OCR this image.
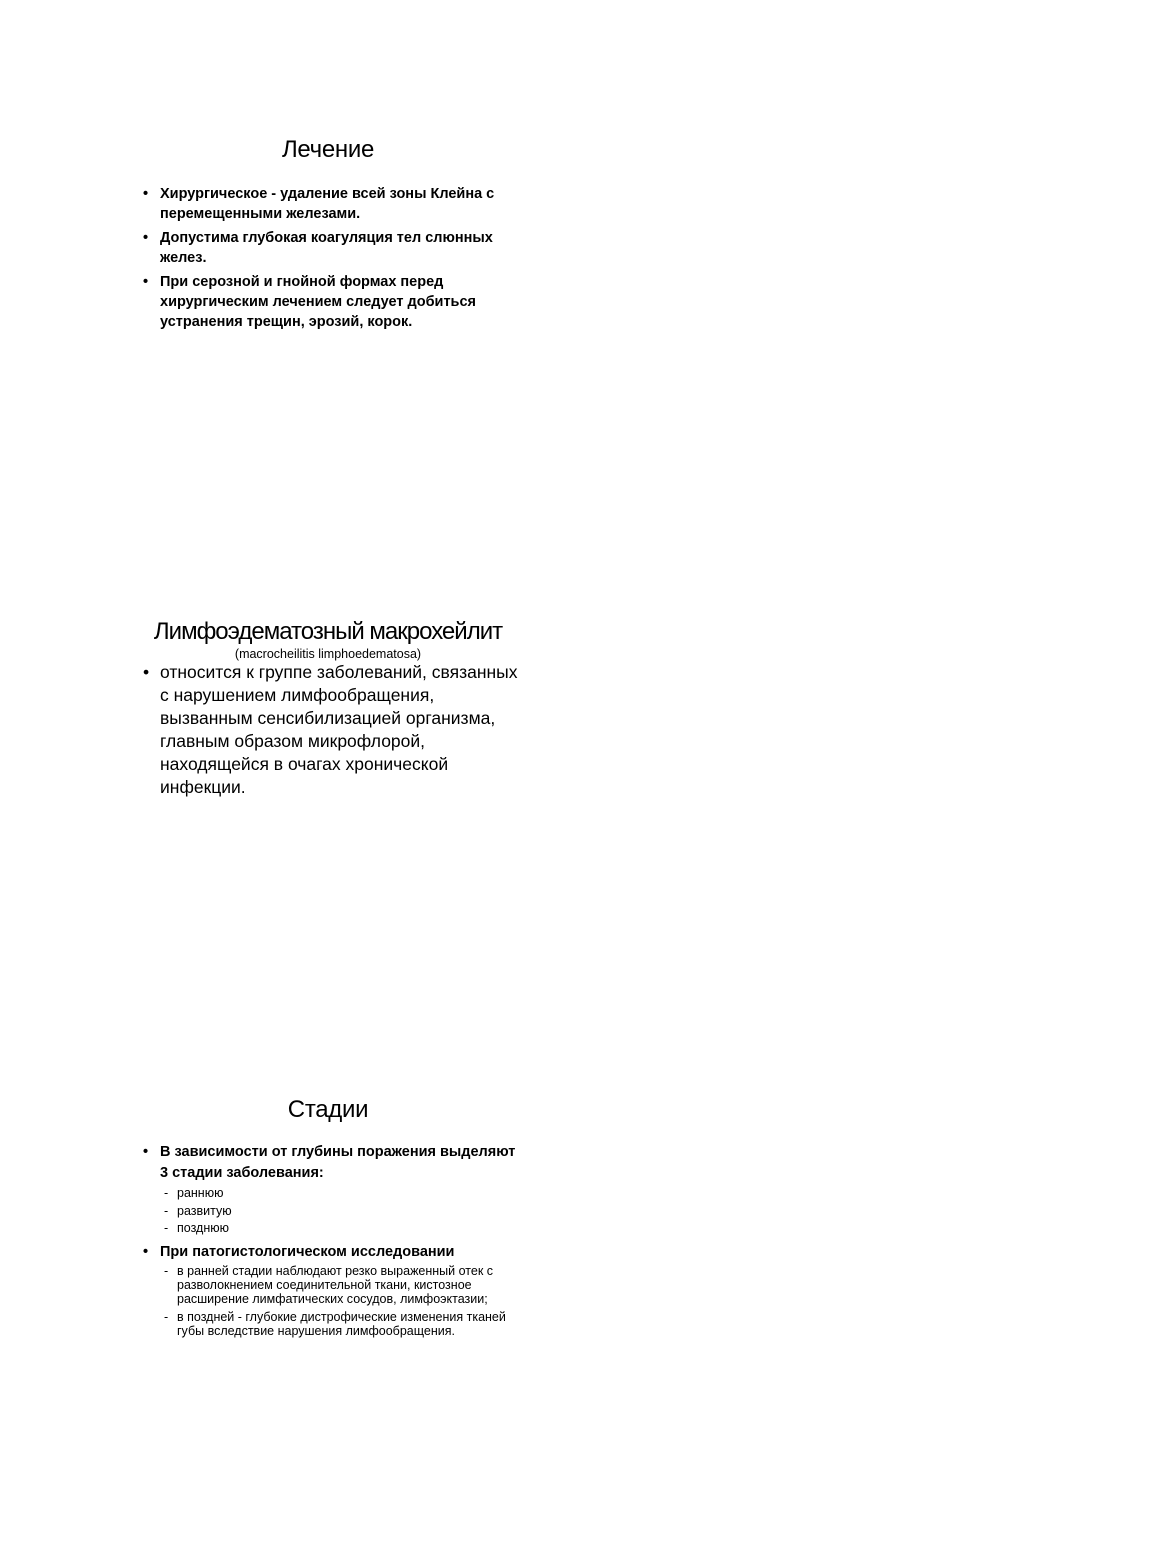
Лечение
• Хирургическое - удаление всей зоны Клейна с перемещенными железами.
• Допустима глубокая коагуляция тел слюнных желез.
• При серозной и гнойной формах перед хирургическим лечением следует добиться устранения трещин, эрозий, корок.
Лимфоэдематозный макрохейлит
(macrocheilitis limphoedematosa)
• относится к группе заболеваний, связанных с нарушением лимфообращения, вызванным сенсибилизацией организма, главным образом микрофлорой, находящейся в очагах хронической инфекции.
Стадии
• В зависимости от глубины поражения выделяют 3 стадии заболевания:
- раннюю
- развитую
- позднюю
• При патогистологическом исследовании
- в ранней стадии наблюдают резко выраженный отек с разволокнением соединительной ткани, кистозное расширение лимфатических сосудов, лимфоэктазии;
- в поздней - глубокие дистрофические изменения тканей губы вследствие нарушения лимфообращения.
